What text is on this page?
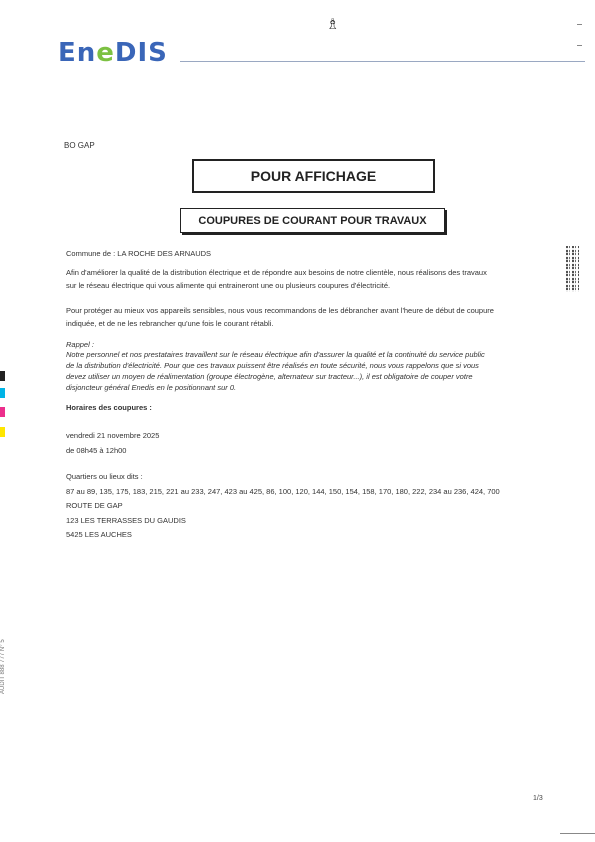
♗
EneDIS
BO GAP
POUR AFFICHAGE
COUPURES DE COURANT POUR TRAVAUX
Commune de : LA ROCHE DES ARNAUDS
Afin d'améliorer la qualité de la distribution électrique et de répondre aux besoins de notre clientèle, nous réalisons des travaux
sur le réseau électrique qui vous alimente qui entraineront une ou plusieurs coupures d'électricité.
Pour protéger au mieux vos appareils sensibles, nous vous recommandons de les débrancher avant l'heure de début de coupure
indiquée, et de ne les rebrancher qu'une fois le courant rétabli.
Rappel :
Notre personnel et nos prestataires travaillent sur le réseau électrique afin d'assurer la qualité et la continuité du service public
de la distribution d'électricité. Pour que ces travaux puissent être réalisés en toute sécurité, nous vous rappelons que si vous
devez utiliser un moyen de réalimentation (groupe électrogène, alternateur sur tracteur...), il est obligatoire de couper votre
disjoncteur général Enedis en le positionnant sur 0.
Horaires des coupures :
vendredi 21 novembre 2025
de 08h45 à 12h00
Quartiers ou lieux dits :
87 au 89, 135, 175, 183, 215, 221 au 233, 247, 423 au 425, 86, 100, 120, 144, 150, 154, 158, 170, 180, 222, 234 au 236, 424, 700
ROUTE DE GAP
123 LES TERRASSES DU GAUDIS
5425 LES AUCHES
AUDIT 888 777 N° 5
1/3
